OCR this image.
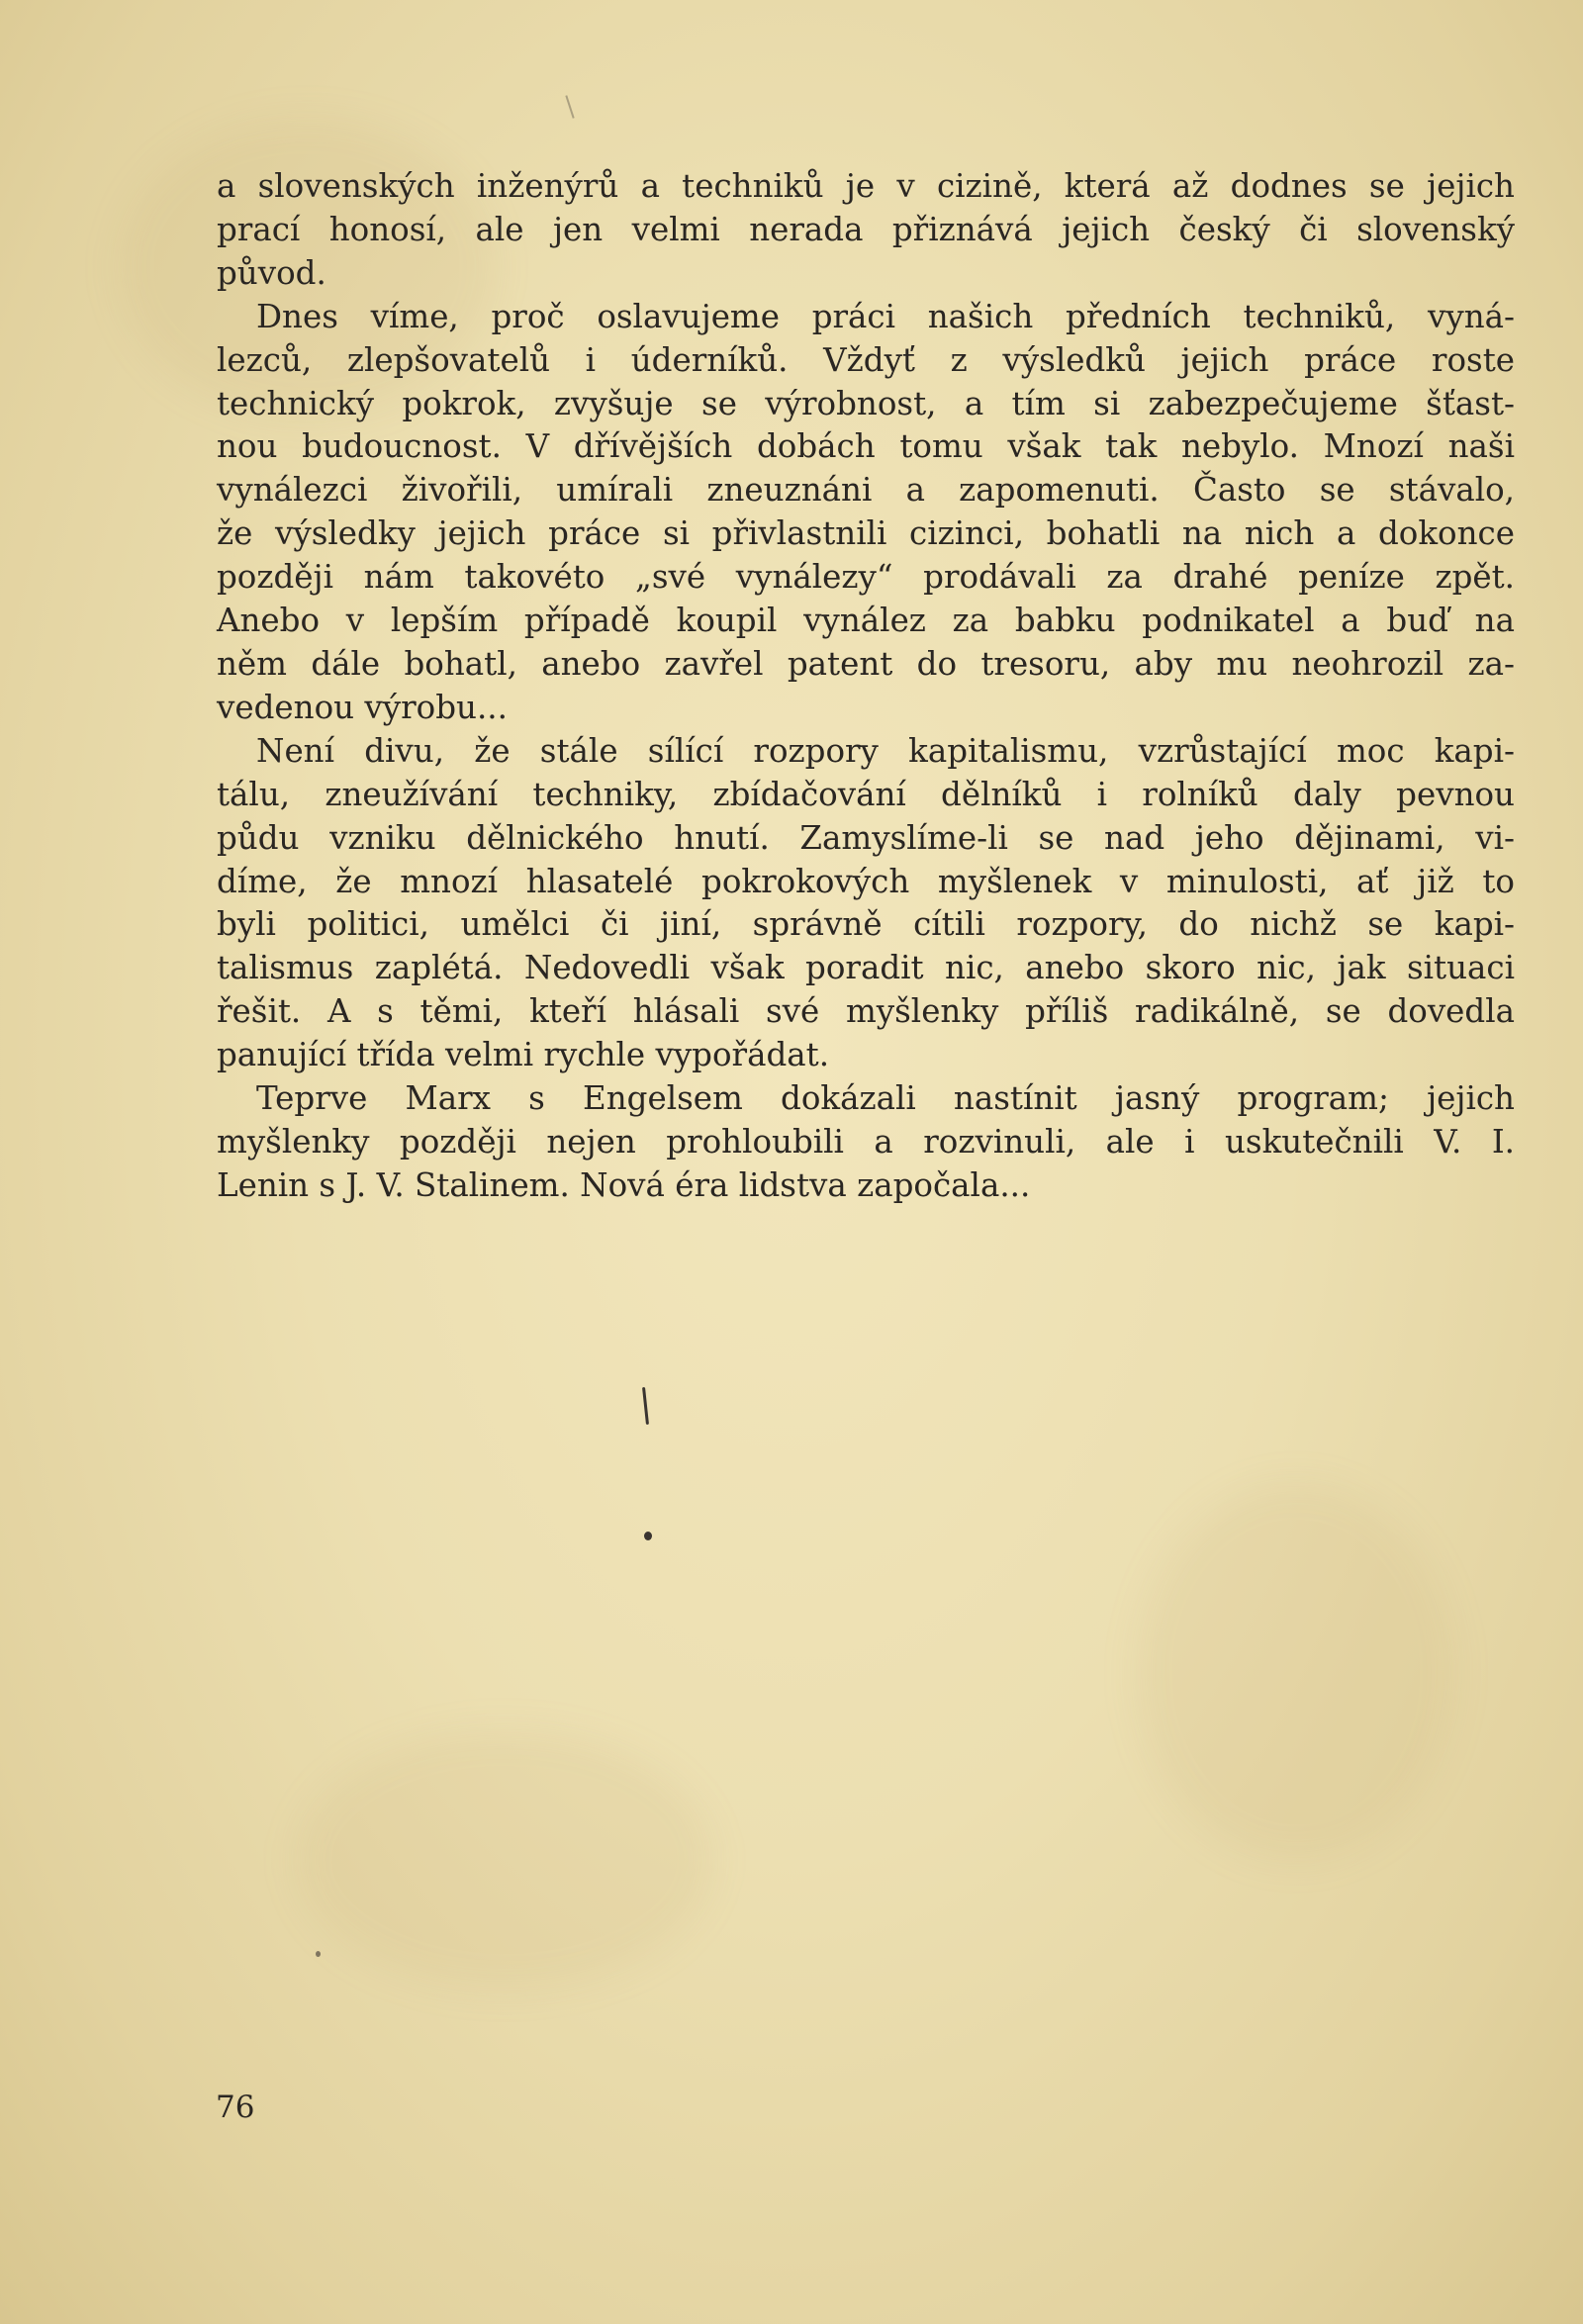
a slovenských inženýrů a techniků je v cizině, která až dodnes se jejich
prací honosí, ale jen velmi nerada přiznává jejich český či slovenský
původ.
Dnes víme, proč oslavujeme práci našich předních techniků, vyná-
lezců, zlepšovatelů i úderníků. Vždyť z výsledků jejich práce roste
technický pokrok, zvyšuje se výrobnost, a tím si zabezpečujeme šťast-
nou budoucnost. V dřívějších dobách tomu však tak nebylo. Mnozí naši
vynálezci živořili, umírali zneuznáni a zapomenuti. Často se stávalo,
že výsledky jejich práce si přivlastnili cizinci, bohatli na nich a dokonce
později nám takovéto „své vynálezy“ prodávali za drahé peníze zpět.
Anebo v lepším případě koupil vynález za babku podnikatel a buď na
něm dále bohatl, anebo zavřel patent do tresoru, aby mu neohrozil za-
vedenou výrobu...
Není divu, že stále sílící rozpory kapitalismu, vzrůstající moc kapi-
tálu, zneužívání techniky, zbídačování dělníků i rolníků daly pevnou
půdu vzniku dělnického hnutí. Zamyslíme-li se nad jeho dějinami, vi-
díme, že mnozí hlasatelé pokrokových myšlenek v minulosti, ať již to
byli politici, umělci či jiní, správně cítili rozpory, do nichž se kapi-
talismus zaplétá. Nedovedli však poradit nic, anebo skoro nic, jak situaci
řešit. A s těmi, kteří hlásali své myšlenky příliš radikálně, se dovedla
panující třída velmi rychle vypořádat.
Teprve Marx s Engelsem dokázali nastínit jasný program; jejich
myšlenky později nejen prohloubili a rozvinuli, ale i uskutečnili V. I.
Lenin s J. V. Stalinem. Nová éra lidstva započala...
76
